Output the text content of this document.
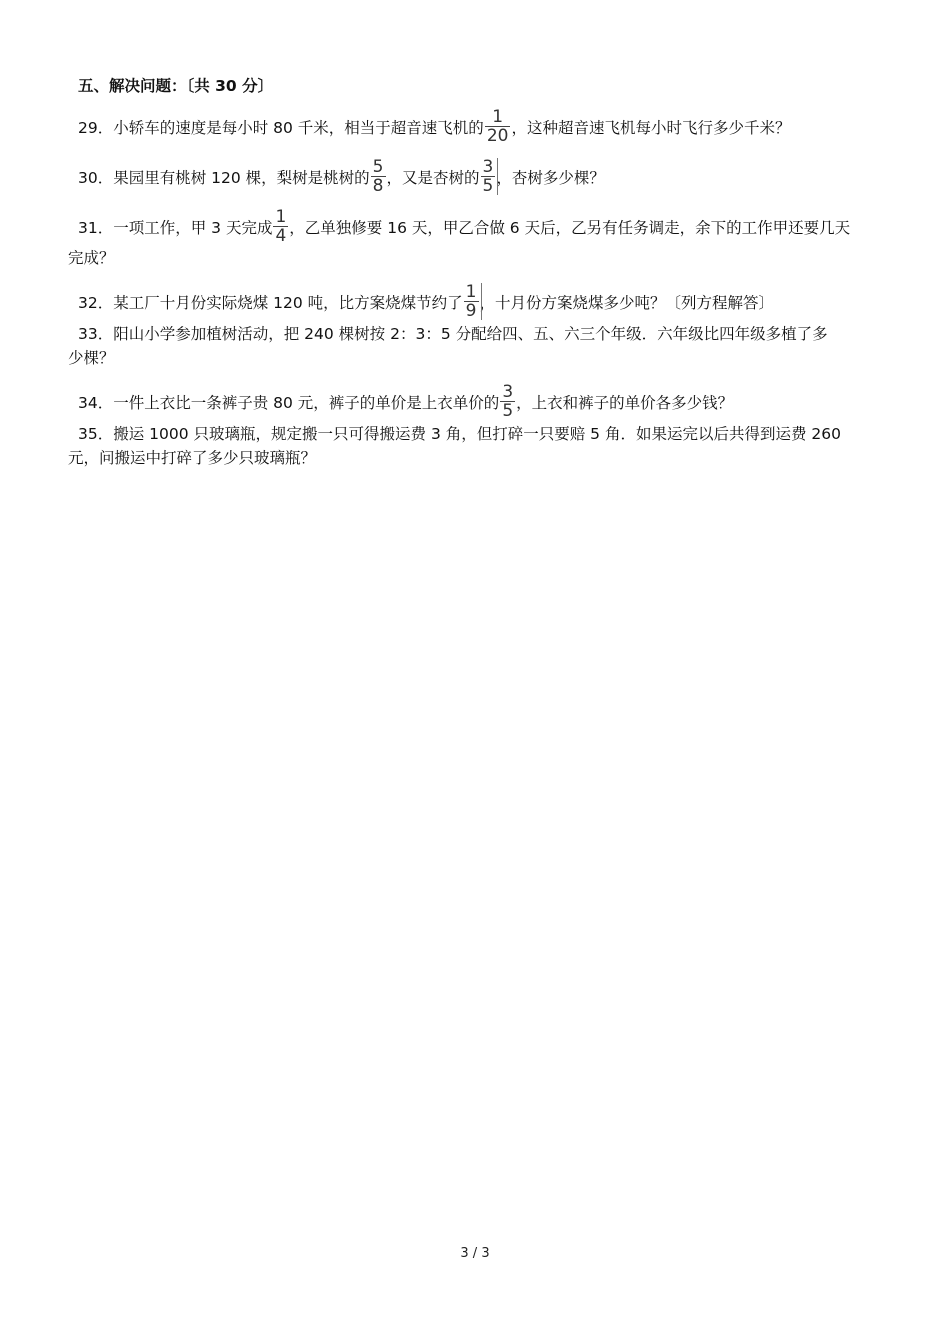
五、解决问题：〔共 30 分〕
29．小轿车的速度是每小时 80 千米，相当于超音速飞机的 $\frac{1}{20}$ ，这种超音速飞机每小时飞行多少千米？
30．果园里有桃树 120 棵，梨树是桃树的 $\frac{5}{8}$ ，又是杏树的 $\frac{3}{5}$ ，杏树多少棵？
31．一项工作，甲 3 天完成 $\frac{1}{4}$ ，乙单独修要 16 天，甲乙合做 6 天后，乙另有任务调走，余下的工作甲还要几天
完成？
32．某工厂十月份实际烧煤 120 吨，比方案烧煤节约了 $\frac{1}{9}$ ，十月份方案烧煤多少吨？〔列方程解答〕
33．阳山小学参加植树活动，把 240 棵树按 2：3：5 分配给四、五、六三个年级．六年级比四年级多植了多
少棵？
34．一件上衣比一条裤子贵 80 元，裤子的单价是上衣单价的 $\frac{3}{5}$ ，上衣和裤子的单价各多少钱？
35．搬运 1000 只玻璃瓶，规定搬一只可得搬运费 3 角，但打碎一只要赔 5 角．如果运完以后共得到运费 260
元，问搬运中打碎了多少只玻璃瓶？
3 / 3
